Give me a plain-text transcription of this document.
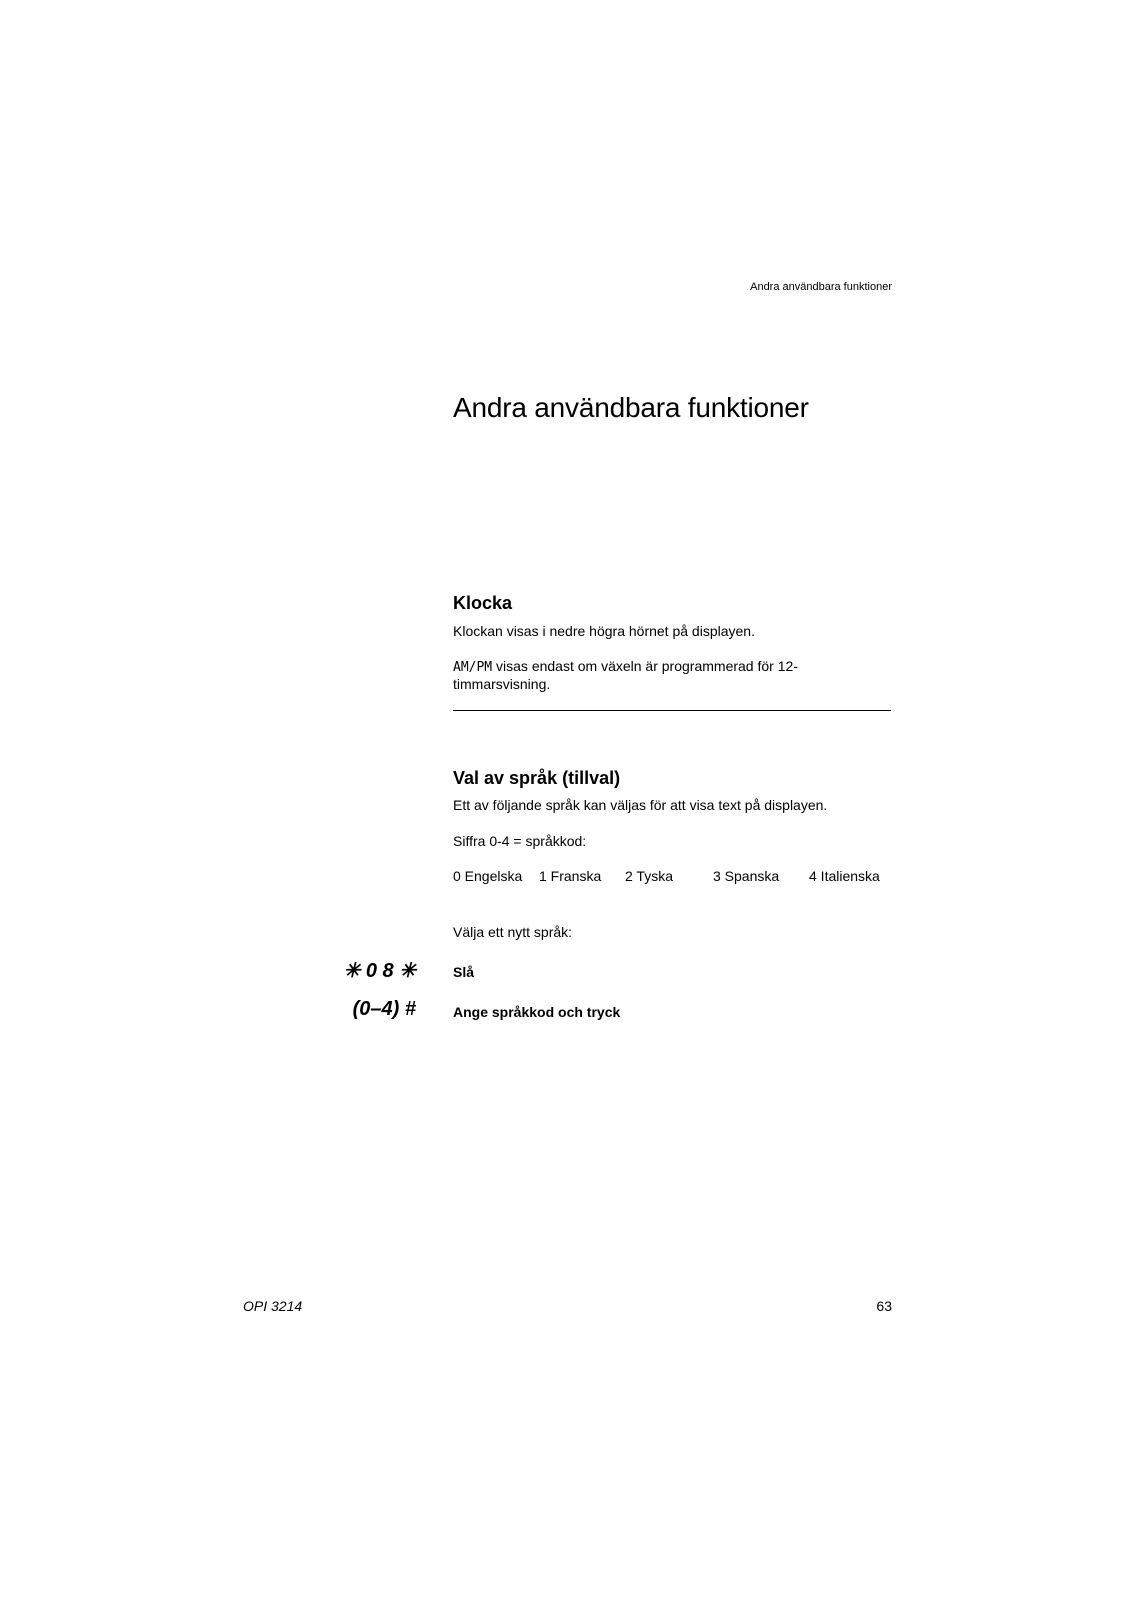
Andra användbara funktioner
Andra användbara funktioner
Klocka
Klockan visas i nedre högra hörnet på displayen.
AM/PM visas endast om växeln är programmerad för 12-
timmarsvisning.
Val av språk (tillval)
Ett av följande språk kan väljas för att visa text på displayen.
Siffra 0-4 = språkkod:
0 Engelska 1 Franska 2 Tyska	3 Spanska 4 Italienska
Välja ett nytt språk:
✳ 0 8 ✳	Slå
(0–4) #	Ange språkkod och tryck
OPI 3214	63
